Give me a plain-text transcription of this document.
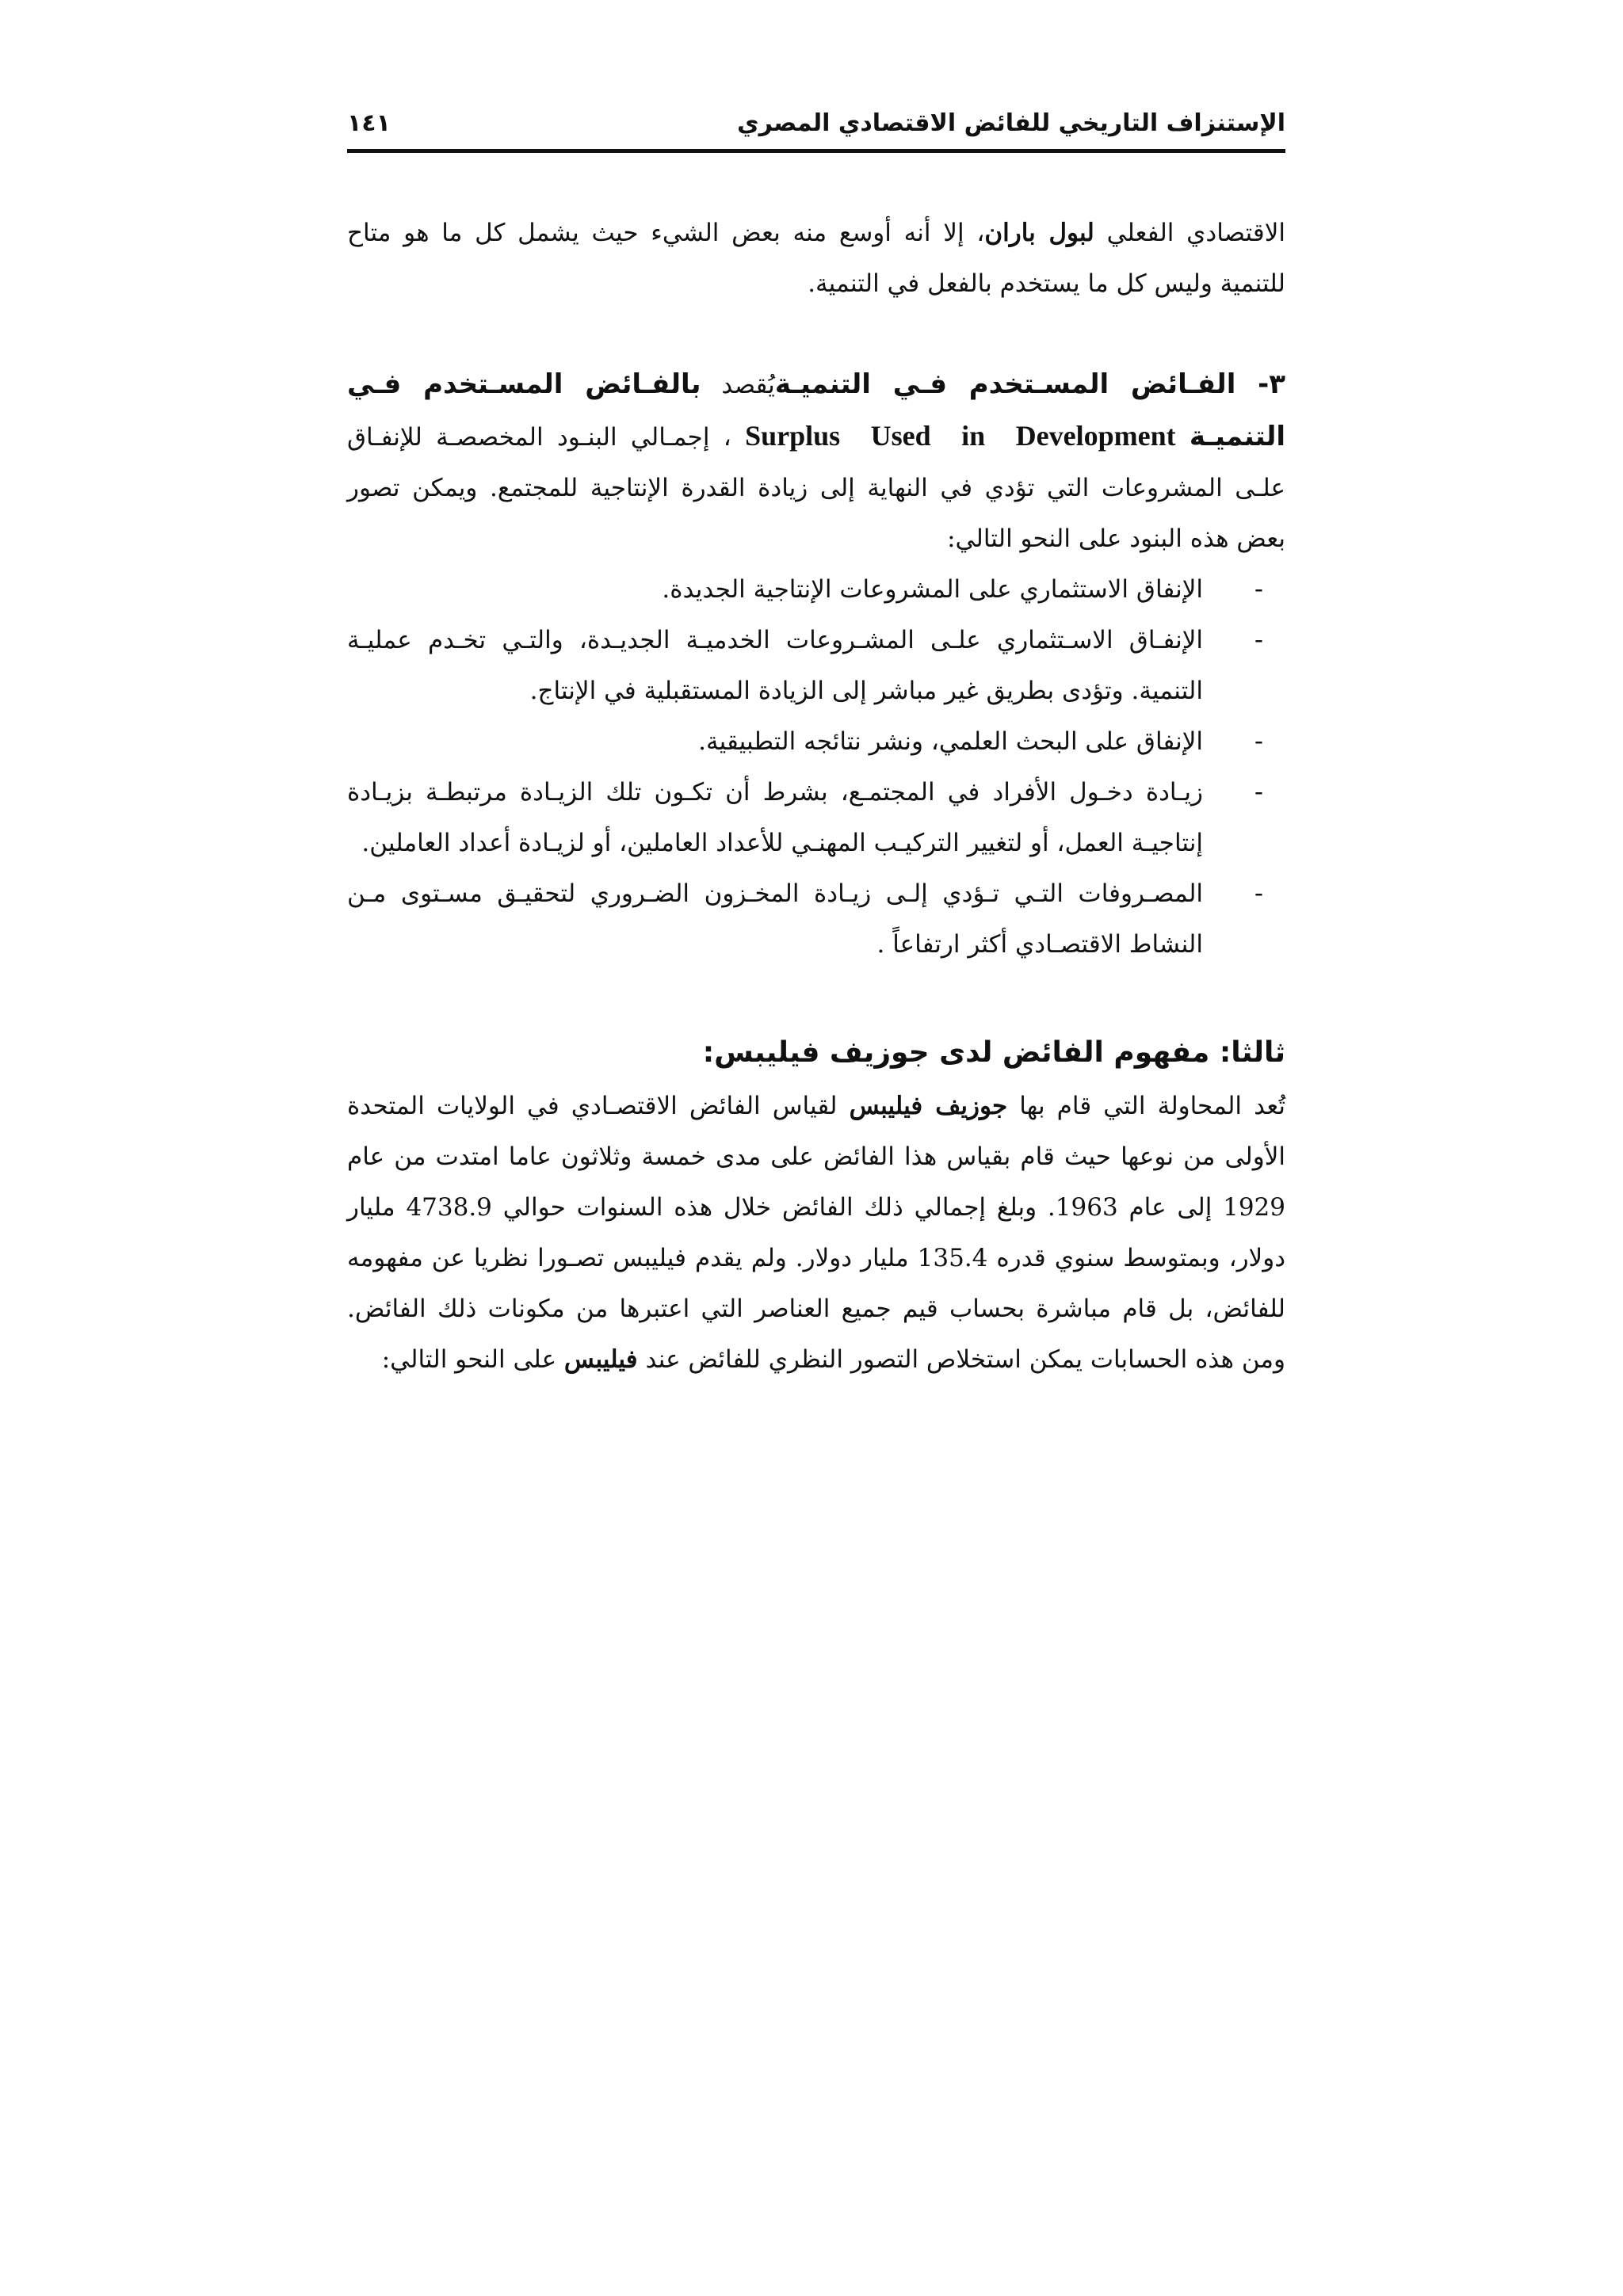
الإستنزاف التاريخي للفائض الاقتصادي المصري
١٤١

الاقتصادي الفعلي لبول باران، إلا أنه أوسع منه بعض الشيء حيث يشمل كل ما هو متاح للتنمية وليس كل ما يستخدم بالفعل في التنمية.

٣- الفـائض المسـتخدم فـي التنميـةيُقصد بالفـائض المسـتخدم فـي التنميـة Surplus Used in Development ، إجمـالي البنـود المخصصـة للإنفـاق علـى المشروعات التي تؤدي في النهاية إلى زيادة القدرة الإنتاجية للمجتمع. ويمكن تصور بعض هذه البنود على النحو التالي:

-
الإنفاق الاستثماري على المشروعات الإنتاجية الجديدة.
-
الإنفـاق الاسـتثماري علـى المشـروعات الخدميـة الجديـدة، والتـي تخـدم عمليـة التنمية. وتؤدى بطريق غير مباشر إلى الزيادة المستقبلية في الإنتاج.
-
الإنفاق على البحث العلمي، ونشر نتائجه التطبيقية.
-
زيـادة دخـول الأفراد في المجتمـع، بشرط أن تكـون تلك الزيـادة مرتبطـة بزيـادة إنتاجيـة العمل، أو لتغيير التركيـب المهنـي للأعداد العاملين، أو لزيـادة أعداد العاملين.
-
المصـروفات التـي تـؤدي إلـى زيـادة المخـزون الضـروري لتحقيـق مسـتوى مـن النشاط الاقتصـادي أكثر ارتفاعاً .

ثالثا: مفهوم الفائض لدى جوزيف فيليبس:

تُعد المحاولة التي قام بها جوزيف فيليبس لقياس الفائض الاقتصـادي في الولايات المتحدة الأولى من نوعها حيث قام بقياس هذا الفائض على مدى خمسة وثلاثون عاما امتدت من عام 1929 إلى عام 1963. وبلغ إجمالي ذلك الفائض خلال هذه السنوات حوالي 4738.9 مليار دولار، وبمتوسط سنوي قدره 135.4 مليار دولار. ولم يقدم فيليبس تصـورا نظريا عن مفهومه للفائض، بل قام مباشرة بحساب قيم جميع العناصر التي اعتبرها من مكونات ذلك الفائض. ومن هذه الحسابات يمكن استخلاص التصور النظري للفائض عند فيليبس على النحو التالي:
